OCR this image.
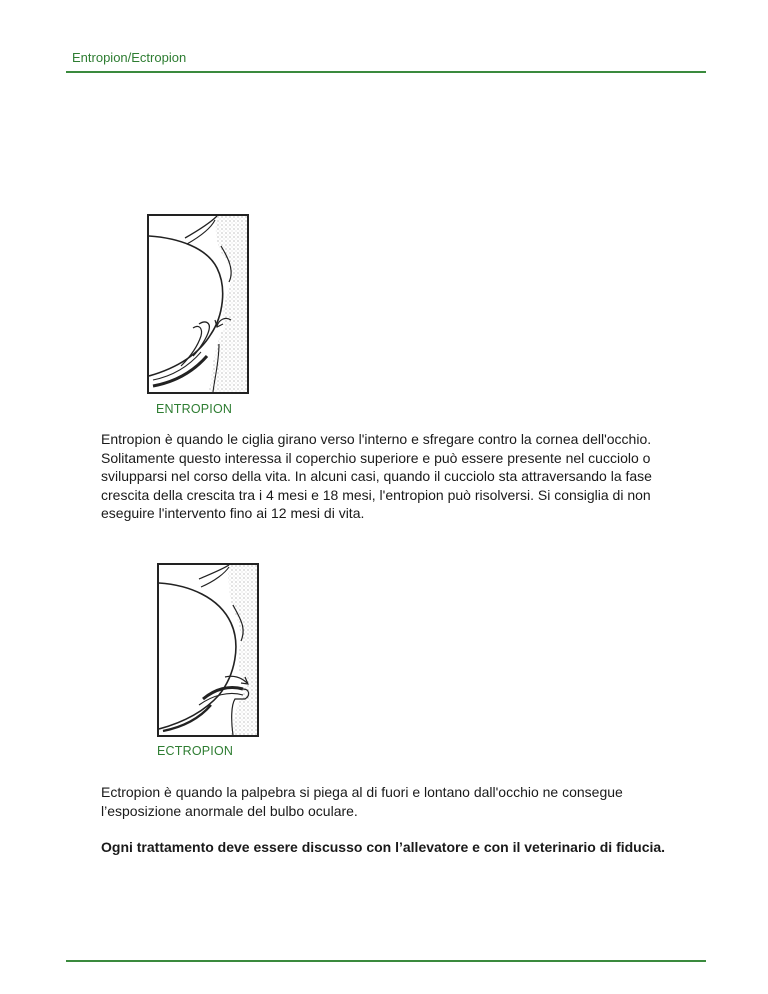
Entropion/Ectropion
ENTROPION

Entropion è quando le ciglia girano verso l'interno e sfregare contro la cornea dell'occhio. Solitamente questo interessa il coperchio superiore e può essere presente nel cucciolo o svilupparsi nel corso della vita. In alcuni casi, quando il cucciolo sta attraversando la fase crescita della crescita tra i 4 mesi e 18 mesi, l'entropion può risolversi. Si consiglia di non eseguire l'intervento fino ai 12 mesi di vita.

ECTROPION

Ectropion è quando la palpebra si piega al di fuori e lontano dall'occhio ne consegue l’esposizione anormale del bulbo oculare.

Ogni trattamento deve essere discusso con l’allevatore e con il veterinario di fiducia.
